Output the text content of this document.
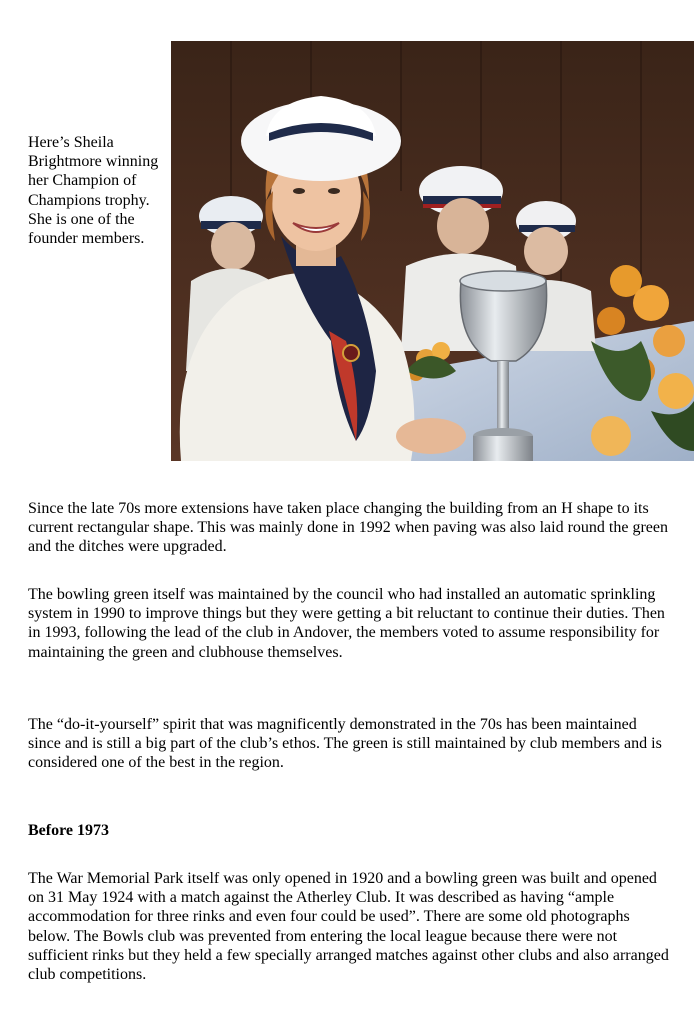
Here’s Sheila Brightmore winning her Champion of Champions trophy. She is one of the founder members.

Since the late 70s more extensions have taken place changing the building from an H shape to its current rectangular shape. This was mainly done in 1992 when paving was also laid round the green and the ditches were upgraded.

The bowling green itself was maintained by the council who had installed an automatic sprinkling system in 1990 to improve things but they were getting a bit reluctant to continue their duties. Then in 1993, following the lead of the club in Andover, the members voted to assume responsibility for maintaining the green and clubhouse themselves.

The “do-it-yourself” spirit that was magnificently demonstrated in the 70s has been maintained since and is still a big part of the club’s ethos. The green is still maintained by club members and is considered one of the best in the region.

Before 1973

The War Memorial Park itself was only opened in 1920 and a bowling green was built and opened on 31 May 1924 with a match against the Atherley Club. It was described as having “ample accommodation for three rinks and even four could be used”. There are some old photographs below. The Bowls club was prevented from entering the local league because there were not sufficient rinks but they held a few specially arranged matches against other clubs and also arranged club competitions.
